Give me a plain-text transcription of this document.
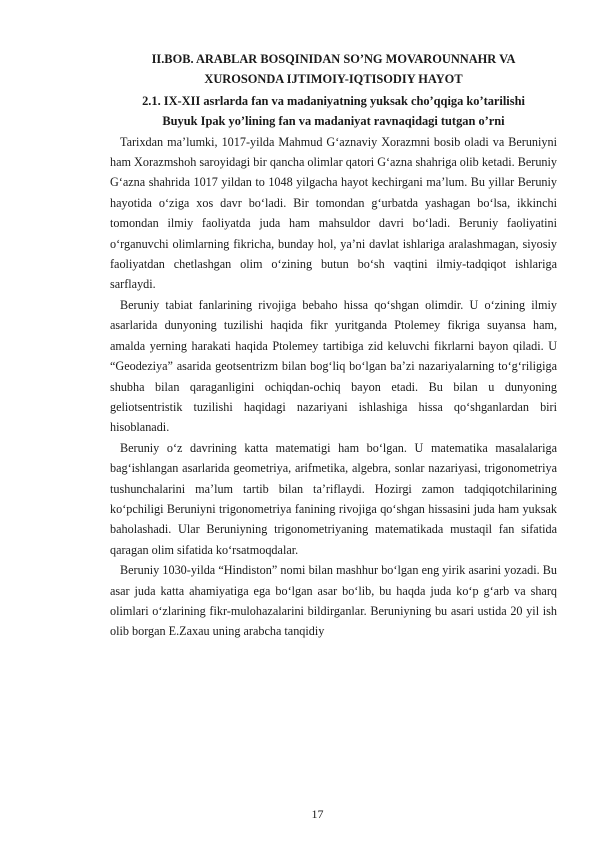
II.BOB. ARABLAR BOSQINIDAN SO’NG MOVAROUNNAHR VA
XUROSONDA IJTIMOIY-IQTISODIY HAYOT

2.1. IX-XII asrlarda fan va madaniyatning yuksak cho’qqiga ko’tarilishi
Buyuk Ipak yo’lining fan va madaniyat ravnaqidagi tutgan o’rni

Tarixdan ma’lumki, 1017-yilda Mahmud G‘aznaviy Xorazmni bosib oladi va Beruniyni ham Xorazmshoh saroyidagi bir qancha olimlar qatori G‘azna shahriga olib ketadi. Beruniy G‘azna shahrida 1017 yildan to 1048 yilgacha hayot kechirgani ma’lum. Bu yillar Beruniy hayotida o‘ziga xos davr bo‘ladi. Bir tomondan g‘urbatda yashagan bo‘lsa, ikkinchi tomondan ilmiy faoliyatda juda ham mahsuldor davri bo‘ladi. Beruniy faoliyatini o‘rganuvchi olimlarning fikricha, bunday hol, ya’ni davlat ishlariga aralashmagan, siyosiy faoliyatdan chetlashgan olim o‘zining butun bo‘sh vaqtini ilmiy-tadqiqot ishlariga sarflaydi.

Beruniy tabiat fanlarining rivojiga bebaho hissa qo‘shgan olimdir. U o‘zining ilmiy asarlarida dunyoning tuzilishi haqida fikr yuritganda Ptolemey fikriga suyansa ham, amalda yerning harakati haqida Ptolemey tartibiga zid keluvchi fikrlarni bayon qiladi. U “Geodeziya” asarida geotsentrizm bilan bog‘liq bo‘lgan ba’zi nazariyalarning to‘g‘riligiga shubha bilan qaraganligini ochiqdan-ochiq bayon etadi. Bu bilan u dunyoning geliotsentristik tuzilishi haqidagi nazariyani ishlashiga hissa qo‘shganlardan biri hisoblanadi.

Beruniy o‘z davrining katta matematigi ham bo‘lgan. U matematika masalalariga bag‘ishlangan asarlarida geometriya, arifmetika, algebra, sonlar nazariyasi, trigonometriya tushunchalarini ma’lum tartib bilan ta’riflaydi. Hozirgi zamon tadqiqotchilarining ko‘pchiligi Beruniyni trigonometriya fanining rivojiga qo‘shgan hissasini juda ham yuksak baholashadi. Ular Beruniyning trigonometriyaning matematikada mustaqil fan sifatida qaragan olim sifatida ko‘rsatmoqdalar.

Beruniy 1030-yilda “Hindiston” nomi bilan mashhur bo‘lgan eng yirik asarini yozadi. Bu asar juda katta ahamiyatiga ega bo‘lgan asar bo‘lib, bu haqda juda ko‘p g‘arb va sharq olimlari o‘zlarining fikr-mulohazalarini bildirganlar. Beruniyning bu asari ustida 20 yil ish olib borgan E.Zaxau uning arabcha tanqidiy

17
